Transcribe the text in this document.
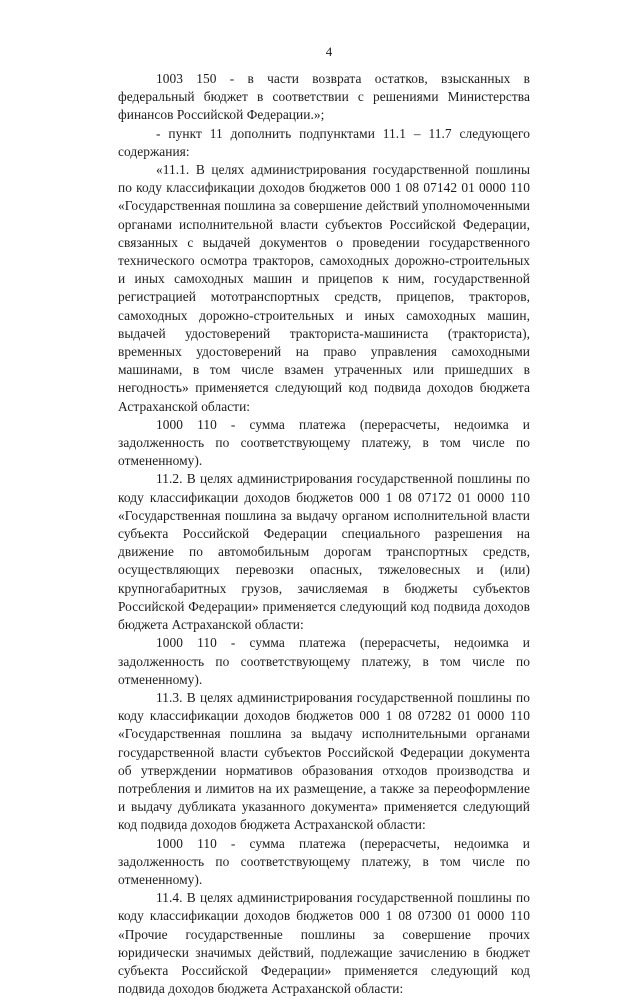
4

1003 150 - в части возврата остатков, взысканных в федеральный бюджет в соответствии с решениями Министерства финансов Российской Федерации.»;

- пункт 11 дополнить подпунктами 11.1 – 11.7 следующего содержания:

«11.1. В целях администрирования государственной пошлины по коду классификации доходов бюджетов 000 1 08 07142 01 0000 110 «Государственная пошлина за совершение действий уполномоченными органами исполнительной власти субъектов Российской Федерации, связанных с выдачей документов о проведении государственного технического осмотра тракторов, самоходных дорожно-строительных и иных самоходных машин и прицепов к ним, государственной регистрацией мототранспортных средств, прицепов, тракторов, самоходных дорожно-строительных и иных самоходных машин, выдачей удостоверений тракториста-машиниста (тракториста), временных удостоверений на право управления самоходными машинами, в том числе взамен утраченных или пришедших в негодность» применяется следующий код подвида доходов бюджета Астраханской области:

1000 110 - сумма платежа (перерасчеты, недоимка и задолженность по соответствующему платежу, в том числе по отмененному).

11.2. В целях администрирования государственной пошлины по коду классификации доходов бюджетов 000 1 08 07172 01 0000 110 «Государственная пошлина за выдачу органом исполнительной власти субъекта Российской Федерации специального разрешения на движение по автомобильным дорогам транспортных средств, осуществляющих перевозки опасных, тяжеловесных и (или) крупногабаритных грузов, зачисляемая в бюджеты субъектов Российской Федерации» применяется следующий код подвида доходов бюджета Астраханской области:

1000 110 - сумма платежа (перерасчеты, недоимка и задолженность по соответствующему платежу, в том числе по отмененному).

11.3. В целях администрирования государственной пошлины по коду классификации доходов бюджетов 000 1 08 07282 01 0000 110 «Государственная пошлина за выдачу исполнительными органами государственной власти субъектов Российской Федерации документа об утверждении нормативов образования отходов производства и потребления и лимитов на их размещение, а также за переоформление и выдачу дубликата указанного документа» применяется следующий код подвида доходов бюджета Астраханской области:

1000 110 - сумма платежа (перерасчеты, недоимка и задолженность по соответствующему платежу, в том числе по отмененному).

11.4. В целях администрирования государственной пошлины по коду классификации доходов бюджетов 000 1 08 07300 01 0000 110 «Прочие государственные пошлины за совершение прочих юридически значимых действий, подлежащие зачислению в бюджет субъекта Российской Федерации» применяется следующий код подвида доходов бюджета Астраханской области:
